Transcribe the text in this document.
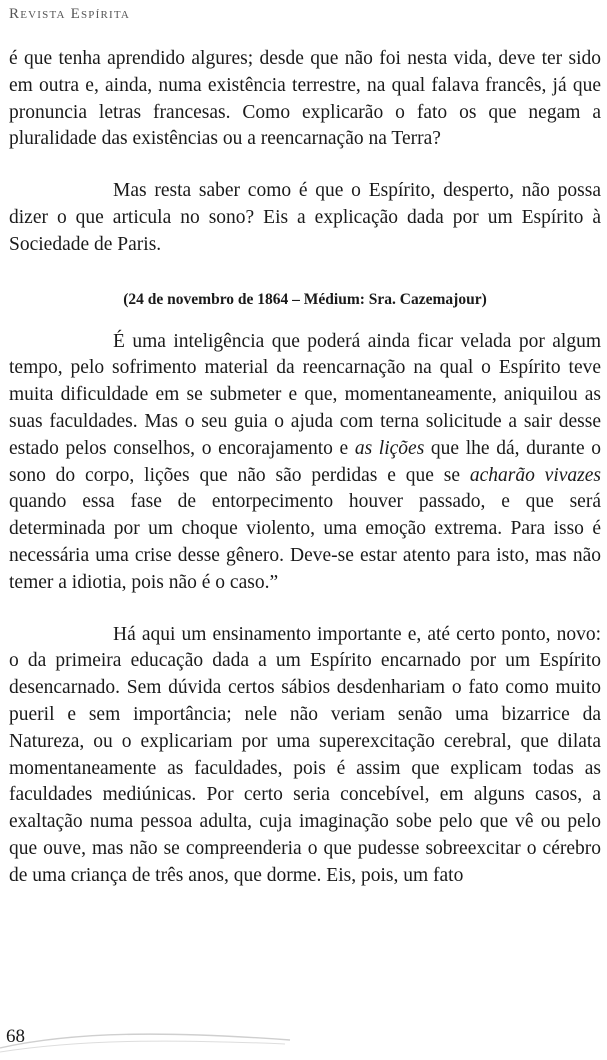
Revista Espírita

é que tenha aprendido algures; desde que não foi nesta vida, deve ter sido em outra e, ainda, numa existência terrestre, na qual falava francês, já que pronuncia letras francesas. Como explicarão o fato os que negam a pluralidade das existências ou a reencarnação na Terra?

Mas resta saber como é que o Espírito, desperto, não possa dizer o que articula no sono? Eis a explicação dada por um Espírito à Sociedade de Paris.

(24 de novembro de 1864 – Médium: Sra. Cazemajour)

É uma inteligência que poderá ainda ficar velada por algum tempo, pelo sofrimento material da reencarnação na qual o Espírito teve muita dificuldade em se submeter e que, momentaneamente, aniquilou as suas faculdades. Mas o seu guia o ajuda com terna solicitude a sair desse estado pelos conselhos, o encorajamento e as lições que lhe dá, durante o sono do corpo, lições que não são perdidas e que se acharão vivazes quando essa fase de entorpecimento houver passado, e que será determinada por um choque violento, uma emoção extrema. Para isso é necessária uma crise desse gênero. Deve-se estar atento para isto, mas não temer a idiotia, pois não é o caso.”

Há aqui um ensinamento importante e, até certo ponto, novo: o da primeira educação dada a um Espírito encarnado por um Espírito desencarnado. Sem dúvida certos sábios desdenhariam o fato como muito pueril e sem importância; nele não veriam senão uma bizarrice da Natureza, ou o explicariam por uma superexcitação cerebral, que dilata momentaneamente as faculdades, pois é assim que explicam todas as faculdades mediúnicas. Por certo seria concebível, em alguns casos, a exaltação numa pessoa adulta, cuja imaginação sobe pelo que vê ou pelo que ouve, mas não se compreenderia o que pudesse sobreexcitar o cérebro de uma criança de três anos, que dorme. Eis, pois, um fato

68
